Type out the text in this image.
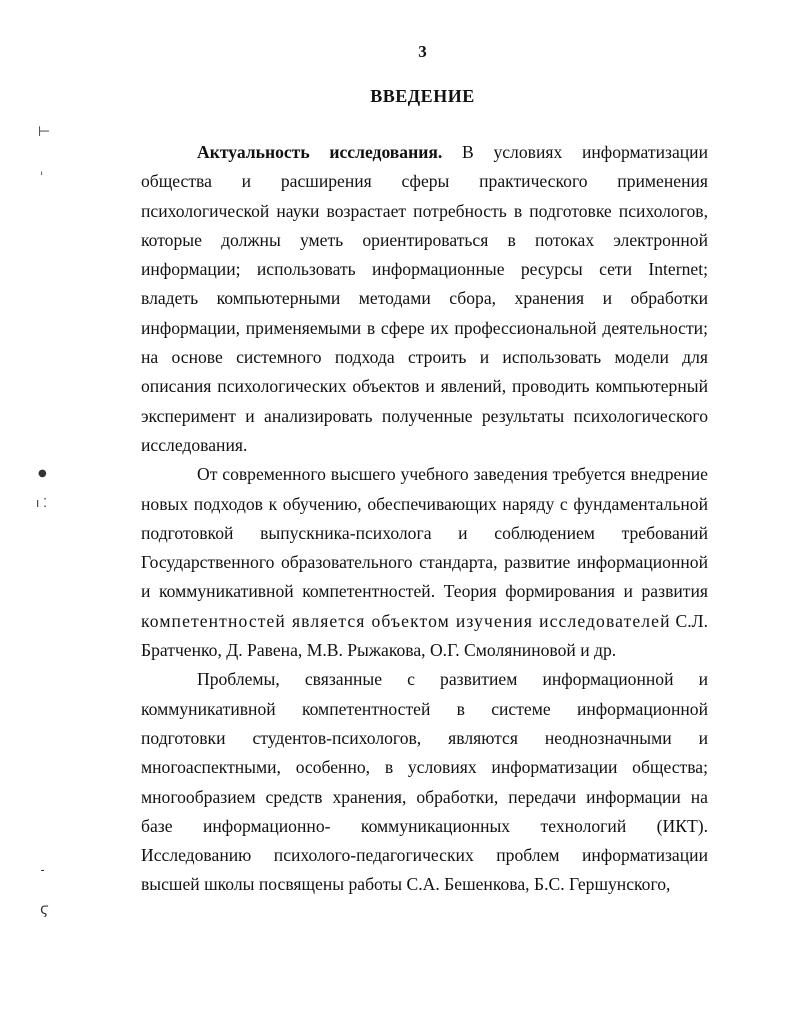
3
ВВЕДЕНИЕ

Актуальность исследования. В условиях информатизации общества и расширения сферы практического применения психологической науки возрастает потребность в подготовке психологов, которые должны уметь ориентироваться в потоках электронной информации; использовать информационные ресурсы сети Internet; владеть компьютерными методами сбора, хранения и обработки информации, применяемыми в сфере их профессиональной деятельности; на основе системного подхода строить и использовать модели для описания психологических объектов и явлений, проводить компьютерный эксперимент и анализировать полученные результаты психологического исследования.

От современного высшего учебного заведения требуется внедрение новых подходов к обучению, обеспечивающих наряду с фундаментальной подготовкой выпускника-психолога и соблюдением требований Государственного образовательного стандарта, развитие информационной и коммуникативной компетентностей. Теория формирования и развития компетентностей является объектом изучения исследователей С.Л. Братченко, Д. Равена, М.В. Рыжакова, О.Г. Смоляниновой и др.

Проблемы, связанные с развитием информационной и коммуникативной компетентностей в системе информационной подготовки студентов-психологов, являются неоднозначными и многоаспектными, особенно, в условиях информатизации общества; многообразием средств хранения, обработки, передачи информации на базе информационно- коммуникационных технологий (ИКТ). Исследованию психолого-педагогических проблем информатизации высшей школы посвящены работы С.А. Бешенкова, Б.С. Гершунского,

⊢
ˌ
●
ı ⁚
⁃
ϛ
